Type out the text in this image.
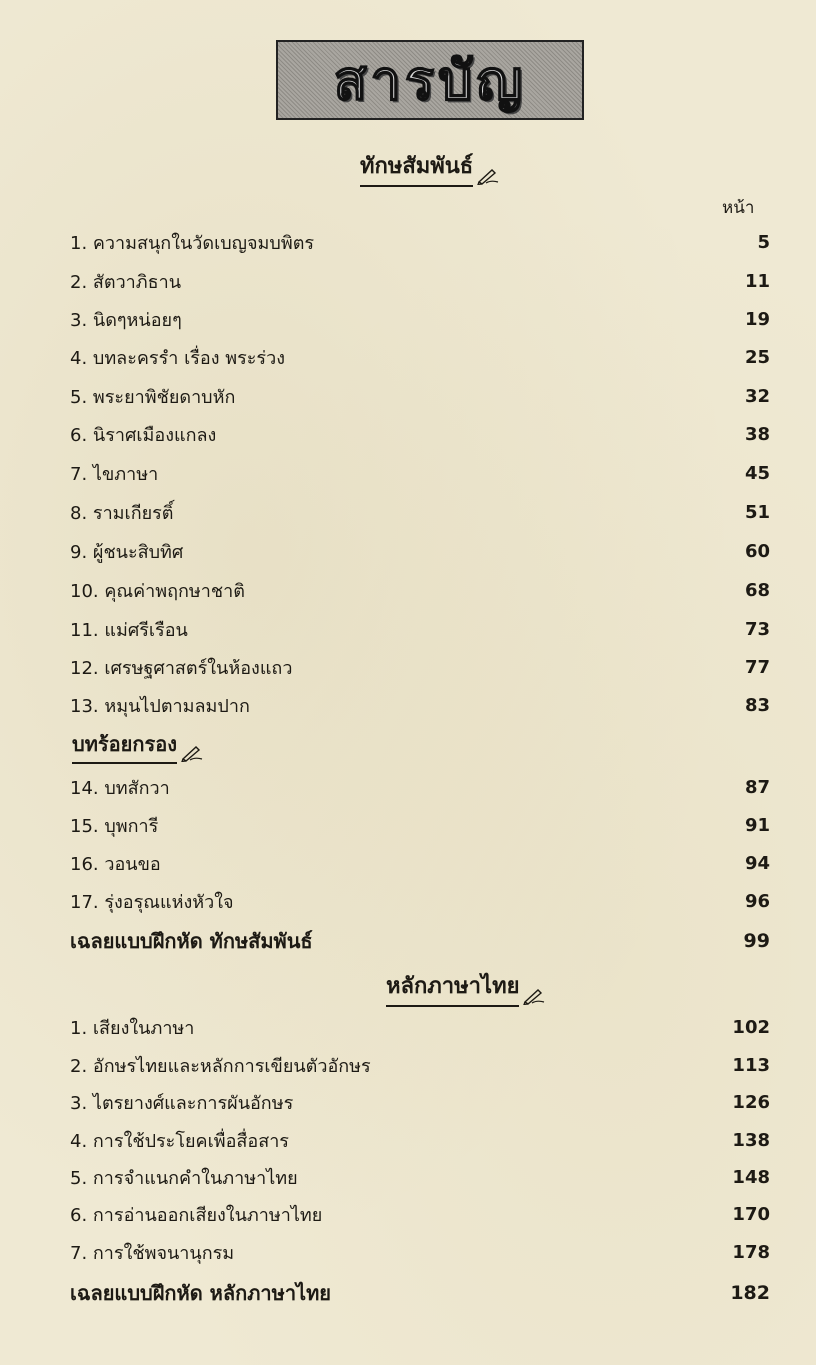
สารบัญ
ทักษสัมพันธ์
หน้า
1. ความสนุกในวัดเบญจมบพิตร	5
2. สัตวาภิธาน	11
3. นิดๆหน่อยๆ	19
4. บทละครรำ เรื่อง พระร่วง	25
5. พระยาพิชัยดาบหัก	32
6. นิราศเมืองแกลง	38
7. ไขภาษา	45
8. รามเกียรติ์	51
9. ผู้ชนะสิบทิศ	60
10. คุณค่าพฤกษาชาติ	68
11. แม่ศรีเรือน	73
12. เศรษฐศาสตร์ในห้องแถว	77
13. หมุนไปตามลมปาก	83
บทร้อยกรอง
14. บทสักวา	87
15. บุพการี	91
16. วอนขอ	94
17. รุ่งอรุณแห่งหัวใจ	96
เฉลยแบบฝึกหัด ทักษสัมพันธ์	99
หลักภาษาไทย
1. เสียงในภาษา	102
2. อักษรไทยและหลักการเขียนตัวอักษร	113
3. ไตรยางศ์และการผันอักษร	126
4. การใช้ประโยคเพื่อสื่อสาร	138
5. การจำแนกคำในภาษาไทย	148
6. การอ่านออกเสียงในภาษาไทย	170
7. การใช้พจนานุกรม	178
เฉลยแบบฝึกหัด หลักภาษาไทย	182
